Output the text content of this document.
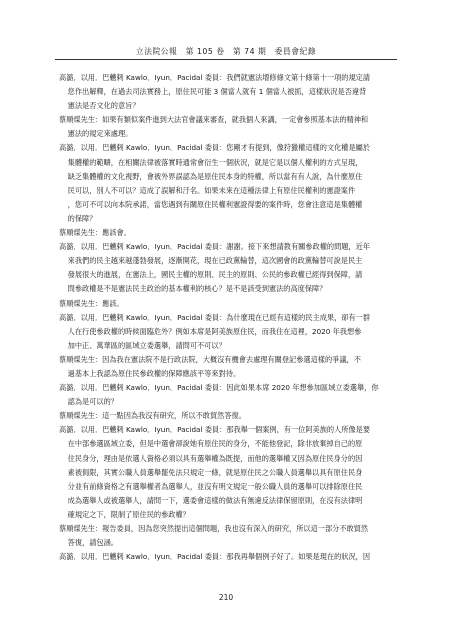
立法院公報　第 105 卷　第 74 期　委員會紀錄
高潞．以用．巴魕剌 Kawlo．Iyun．Pacidal 委員：我們就憲法增修條文第十條第十一項的規定請
您作出解釋，在過去司法實務上，原住民可能 3 個當人就有 1 個當人被抓，這樣狀況是否違背
憲法是否文化的意旨？
蔡順煤先生：如果有類似案件進到大法官會議來審查，就我個人來講，一定會參照基本法的精神和
憲法的規定來處理。
高潞．以用．巴魕剌 Kawlo．Iyun．Pacidal 委員：您剛才有提到，像狩獵權這樣的文化權是屬於
集體權的範疇，在相關法律被落實時通常會衍生一個狀況，就是它是以個人權利的方式呈現，
缺乏集體權的文化視野，會被外界誤認為是原住民本身的特權，所以當有有人說，為什麼原住
民可以，別人不可以？這成了誤解和汙名。如果未來在這種法律上有原住民權利的憲證案件
，您可不可以向本院承諾，當您遇到有關原住民權利憲證得要的案件時，您會注意這是集體權
的保障？
蔡順煤先生：應該會。
高潞．以用．巴魕剌 Kawlo．Iyun．Pacidal 委員：謝謝。接下來想請教有關參政權的問題，近年
來我們的民主越來越蓬勃發展，逐漸開花，現在已政黨輪替，這次國會的政黨輪替可說是民主
發展很大的進展，在憲法上，國民主權的原則、民主的原則、公民的參政權已經得到保障，請
問參政權是不是憲法民主政治的基本權利的核心？是不是該受到憲法的高度保障？
蔡順煤先生：應該。
高潞．以用．巴魕剌 Kawlo．Iyun．Pacidal 委員：為什麼現在已經有這樣的民主成果，卻有一群
人在行使參政權的時候面臨危外？例如本席是阿美族原住民，而我住在這裡，2020 年我想參
加中正、萬華區的區域立委選舉，請問可不可以？
蔡順煤先生：因為我在憲法院不是行政法院，大概沒有機會去處理有關登記參選這樣的爭議，不
過基本上我認為原住民參政權的保障應該平等來對待。
高潞．以用．巴魕剌 Kawlo．Iyun．Pacidal 委員：因此如果本席 2020 年想參加區域立委選舉，你
認為是可以的？
蔡順煤先生：這一點因為我沒有研究，所以不敢貿然答復。
高潞．以用．巴魕剌 Kawlo．Iyun．Pacidal 委員：那我舉一個案例，有一位阿美族的人所像是要
在中部參選區域立委，但是中選會卻說她有原住民的身分，不能他登記，除非放棄掉自己的原
住民身分，理由是依選人資格必須以具有選舉權為既提，而他的選舉權又因為原住民身分的因
素被侷限，其實公職人員選舉罷免法只規定一條，就是原住民之公職人員選舉以具有原住民身
分並有前條資格之有選舉權者為選舉人，並沒有明文規定一般公職人員的選舉可以排除原住民
成為選舉人或被選舉人，請問一下，選委會這樣的做法有無違反法律保留原則，在沒有法律明
確規定之下，限制了原住民的參政權？
蔡順煤先生：報告委員，因為您突然提出這個問題，我也沒有深入的研究，所以這一部分不敢貿然
答復，請包涵。
高潞．以用．巴魕剌 Kawlo．Iyun．Pacidal 委員：那我再舉個例子好了。如果是現在的狀況，因
210
